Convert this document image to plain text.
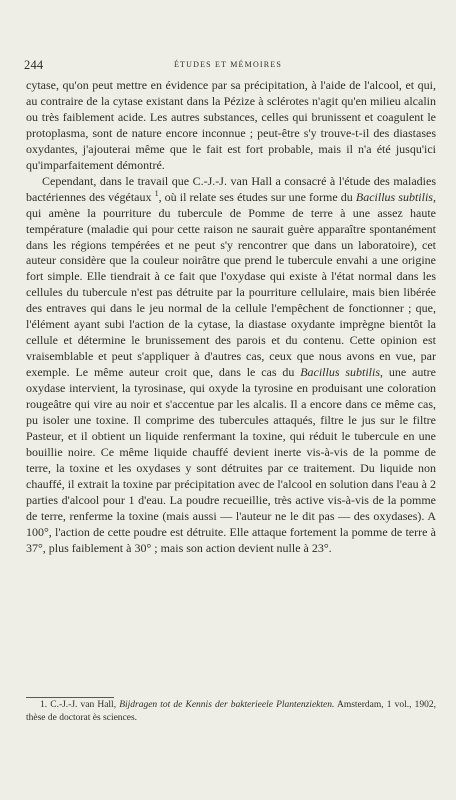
244	ÉTUDES ET MÉMOIRES

cytase, qu'on peut mettre en évidence par sa précipitation, à l'aide de l'alcool, et qui, au contraire de la cytase existant dans la Pézize à sclérotes n'agit qu'en milieu alcalin ou très faiblement acide. Les autres substances, celles qui brunissent et coagulent le protoplasma, sont de nature encore inconnue ; peut-être s'y trouve-t-il des diastases oxydantes, j'ajouterai même que le fait est fort probable, mais il n'a été jusqu'ici qu'imparfaitement démontré.

Cependant, dans le travail que C.-J.-J. van Hall a consacré à l'étude des maladies bactériennes des végétaux $^1$, où il relate ses études sur une forme du Bacillus subtilis, qui amène la pourriture du tubercule de Pomme de terre à une assez haute température (maladie qui pour cette raison ne saurait guère apparaître spontanément dans les régions tempérées et ne peut s'y rencontrer que dans un laboratoire), cet auteur considère que la couleur noirâtre que prend le tubercule envahi a une origine fort simple. Elle tiendrait à ce fait que l'oxydase qui existe à l'état normal dans les cellules du tubercule n'est pas détruite par la pourriture cellulaire, mais bien libérée des entraves qui dans le jeu normal de la cellule l'empêchent de fonctionner ; que, l'élément ayant subi l'action de la cytase, la diastase oxydante imprègne bientôt la cellule et détermine le brunissement des parois et du contenu. Cette opinion est vraisemblable et peut s'appliquer à d'autres cas, ceux que nous avons en vue, par exemple. Le même auteur croit que, dans le cas du Bacillus subtilis, une autre oxydase intervient, la tyrosinase, qui oxyde la tyrosine en produisant une coloration rougeâtre qui vire au noir et s'accentue par les alcalis. Il a encore dans ce même cas, pu isoler une toxine. Il comprime des tubercules attaqués, filtre le jus sur le filtre Pasteur, et il obtient un liquide renfermant la toxine, qui réduit le tubercule en une bouillie noire. Ce même liquide chauffé devient inerte vis-à-vis de la pomme de terre, la toxine et les oxydases y sont détruites par ce traitement. Du liquide non chauffé, il extrait la toxine par précipitation avec de l'alcool en solution dans l'eau à 2 parties d'alcool pour 1 d'eau. La poudre recueillie, très active vis-à-vis de la pomme de terre, renferme la toxine (mais aussi — l'auteur ne le dit pas — des oxydases). A 100°, l'action de cette poudre est détruite. Elle attaque fortement la pomme de terre à 37°, plus faiblement à 30° ; mais son action devient nulle à 23°.

1. C.-J.-J. van Hall, Bijdragen tot de Kennis der bakterieele Plantenziekten. Amsterdam, 1 vol., 1902, thèse de doctorat ès sciences.
